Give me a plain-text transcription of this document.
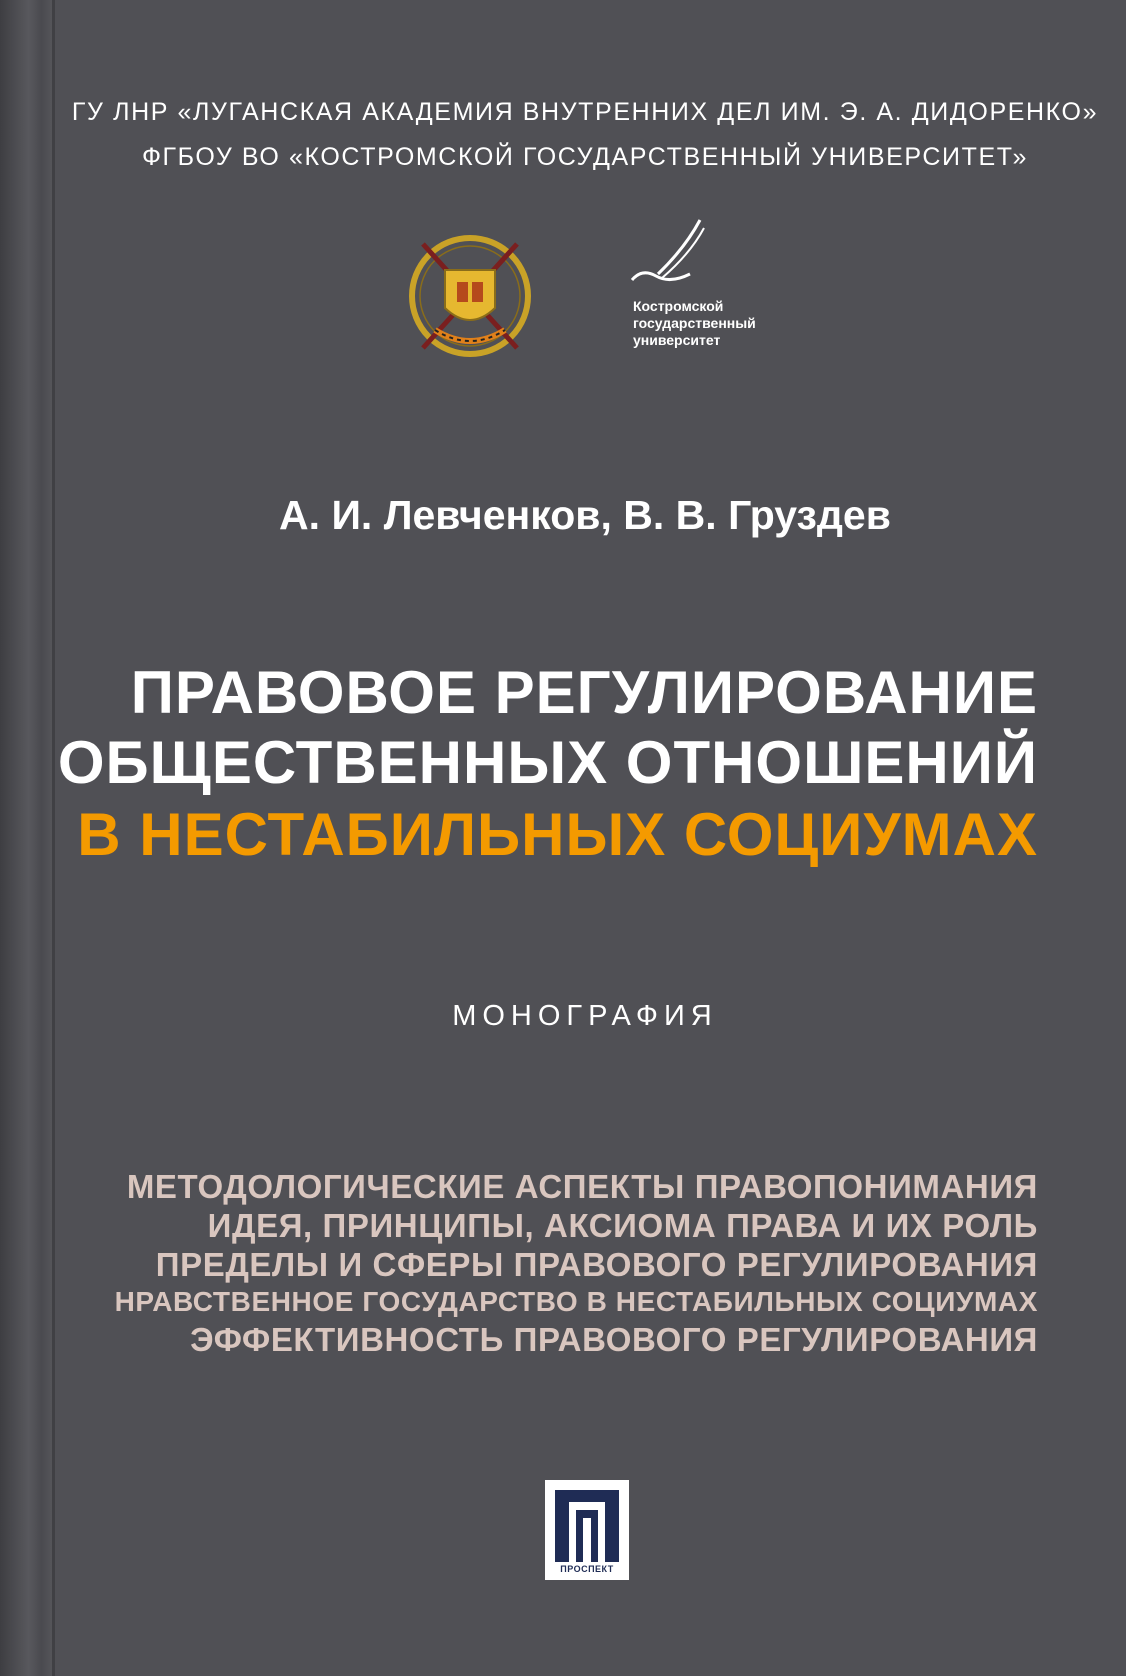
ГУ ЛНР «ЛУГАНСКАЯ АКАДЕМИЯ ВНУТРЕННИХ ДЕЛ ИМ. Э. А. ДИДОРЕНКО»
ФГБОУ ВО «КОСТРОМСКОЙ ГОСУДАРСТВЕННЫЙ УНИВЕРСИТЕТ»
Костромской
государственный
университет
А. И. Левченков, В. В. Груздев
ПРАВОВОЕ РЕГУЛИРОВАНИЕ
ОБЩЕСТВЕННЫХ ОТНОШЕНИЙ
В НЕСТАБИЛЬНЫХ СОЦИУМАХ
МОНОГРАФИЯ
МЕТОДОЛОГИЧЕСКИЕ АСПЕКТЫ ПРАВОПОНИМАНИЯ
ИДЕЯ, ПРИНЦИПЫ, АКСИОМА ПРАВА И ИХ РОЛЬ
ПРЕДЕЛЫ И СФЕРЫ ПРАВОВОГО РЕГУЛИРОВАНИЯ
НРАВСТВЕННОЕ ГОСУДАРСТВО В НЕСТАБИЛЬНЫХ СОЦИУМАХ
ЭФФЕКТИВНОСТЬ ПРАВОВОГО РЕГУЛИРОВАНИЯ
ПРОСПЕКТ
